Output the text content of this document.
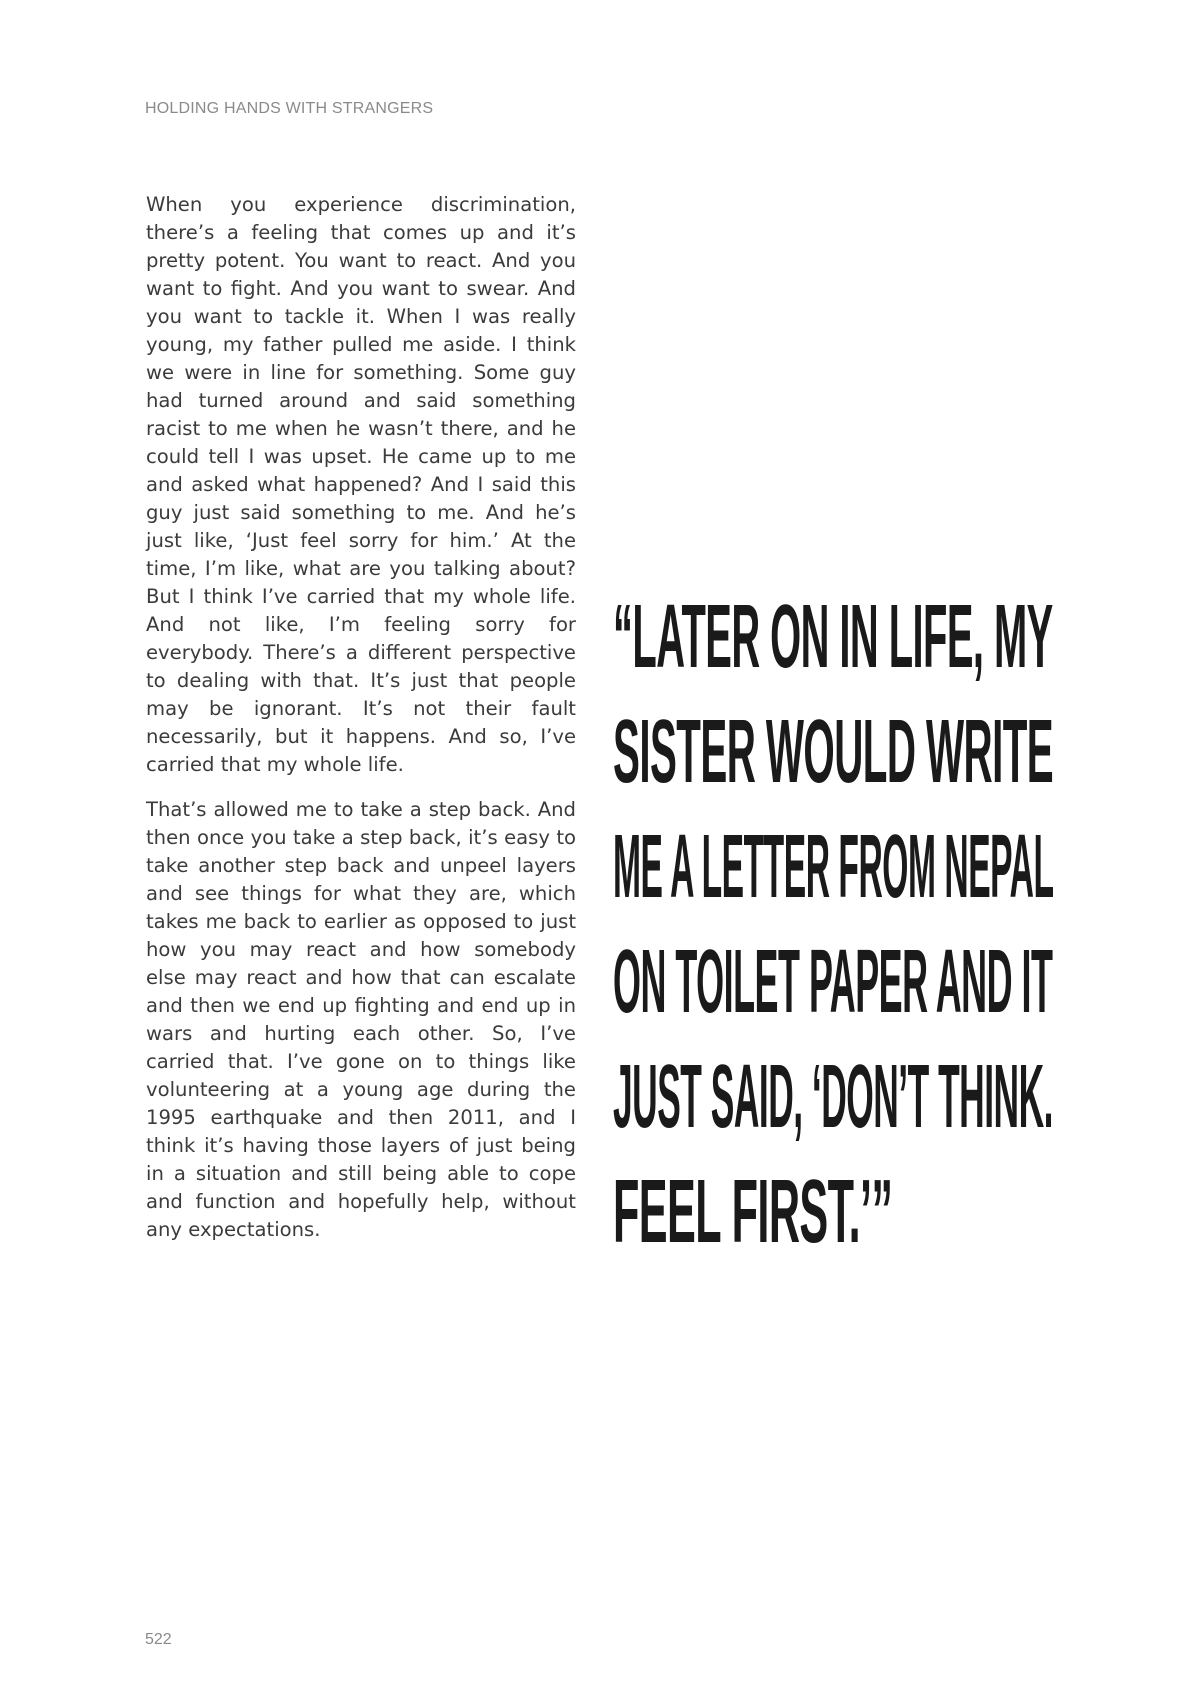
HOLDING HANDS WITH STRANGERS

When you experience discrimination, there’s a feeling that comes up and it’s pretty potent. You want to react. And you want to fight. And you want to swear. And you want to tackle it. When I was really young, my father pulled me aside. I think we were in line for something. Some guy had turned around and said something racist to me when he wasn’t there, and he could tell I was upset. He came up to me and asked what happened? And I said this guy just said something to me. And he’s just like, ‘Just feel sorry for him.’ At the time, I’m like, what are you talking about? But I think I’ve carried that my whole life. And not like, I’m feeling sorry for everybody. There’s a different perspective to dealing with that. It’s just that people may be ignorant. It’s not their fault necessarily, but it happens. And so, I’ve carried that my whole life.

That’s allowed me to take a step back. And then once you take a step back, it’s easy to take another step back and unpeel layers and see things for what they are, which takes me back to earlier as opposed to just how you may react and how somebody else may react and how that can escalate and then we end up fighting and end up in wars and hurting each other. So, I’ve carried that. I’ve gone on to things like volunteering at a young age during the 1995 earthquake and then 2011, and I think it’s having those layers of just being in a situation and still being able to cope and function and hopefully help, without any expectations.

“LATER ON IN LIFE, MY
SISTER WOULD WRITE
ME A LETTER FROM NEPAL
ON TOILET PAPER AND IT
JUST SAID, ‘DON’T THINK.
FEEL FIRST.’”
522
